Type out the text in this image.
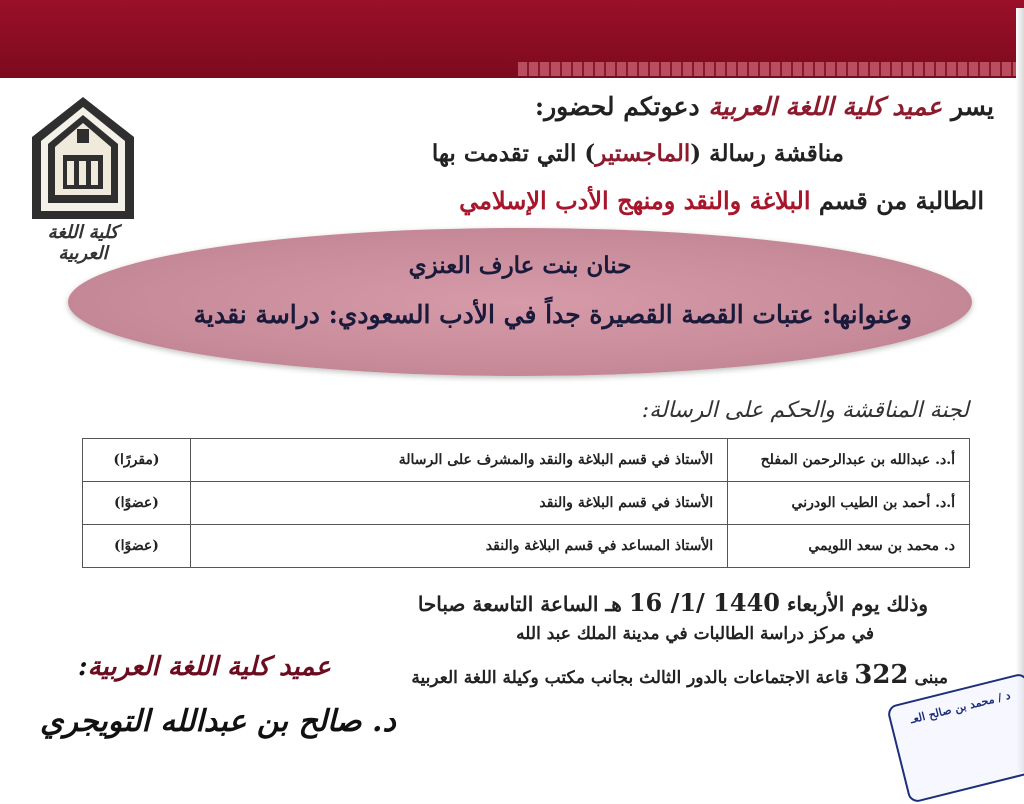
كلية اللغة العربية
يسر عميد كلية اللغة العربية دعوتكم لحضور:
مناقشة رسالة (الماجستير) التي تقدمت بها
الطالبة من قسم البلاغة والنقد ومنهج الأدب الإسلامي
حنان بنت عارف العنزي
وعنوانها: عتبات القصة القصيرة جداً في الأدب السعودي: دراسة نقدية
لجنة المناقشة والحكم على الرسالة:
أ.د. عبدالله بن عبدالرحمن المفلح	الأستاذ في قسم البلاغة والنقد والمشرف على الرسالة	(مقررًا)
أ.د. أحمد بن الطيب الودرني	الأستاذ في قسم البلاغة والنقد	(عضوًا)
د. محمد بن سعد اللويمي	الأستاذ المساعد في قسم البلاغة والنقد	(عضوًا)
وذلك يوم الأربعاء 1440 /1/ 16 هـ الساعة التاسعة صباحا
في مركز دراسة الطالبات في مدينة الملك عبد الله
مبنى 322 قاعة الاجتماعات بالدور الثالث بجانب مكتب وكيلة اللغة العربية
عميد كلية اللغة العربية:
د. صالح بن عبدالله التويجري	د / محمد بن صالح العـ
